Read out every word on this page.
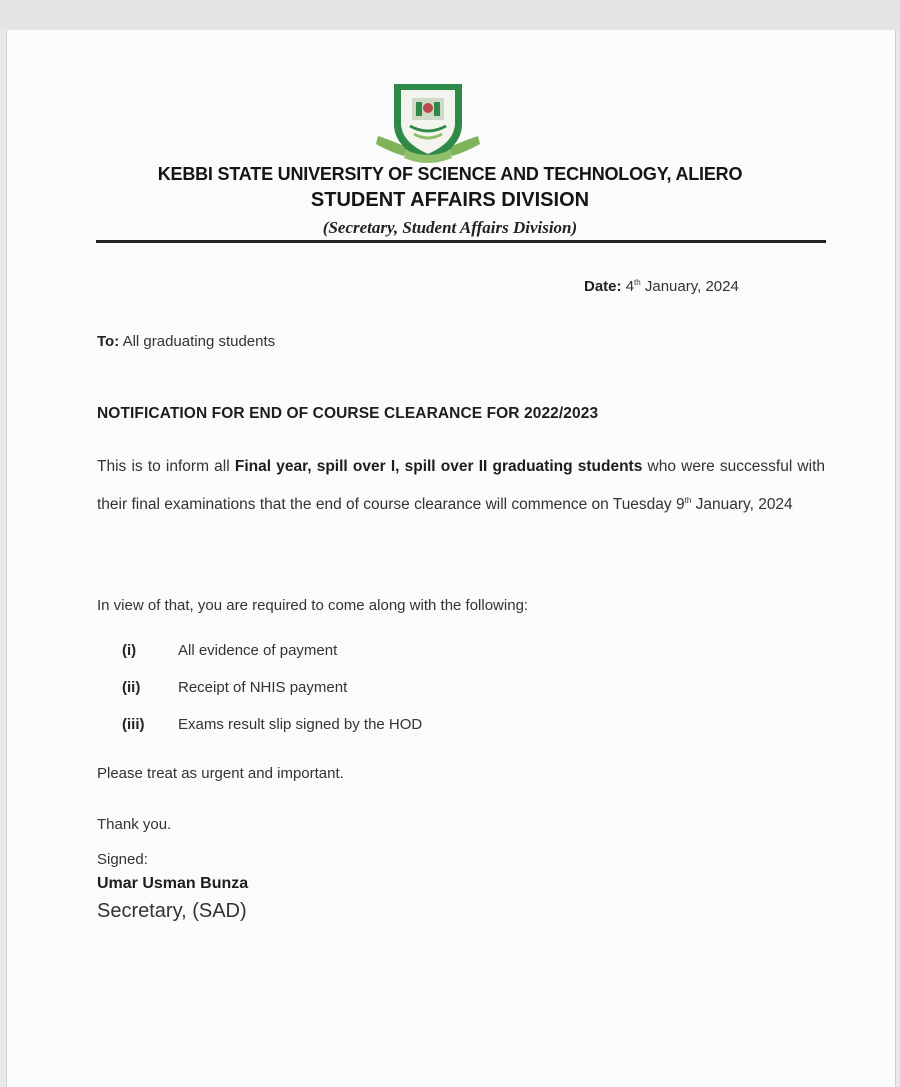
KEBBI STATE UNIVERSITY OF SCIENCE AND TECHNOLOGY, ALIERO
STUDENT AFFAIRS DIVISION
(Secretary, Student Affairs Division)
Date: 4th January, 2024
To: All graduating students
NOTIFICATION FOR END OF COURSE CLEARANCE FOR 2022/2023
This is to inform all Final year, spill over I, spill over II graduating students who were successful with their final examinations that the end of course clearance will commence on Tuesday 9th January, 2024
In view of that, you are required to come along with the following:
(i)	All evidence of payment
(ii)	Receipt of NHIS payment
(iii)	Exams result slip signed by the HOD
Please treat as urgent and important.
Thank you.
Signed:
Umar Usman Bunza
Secretary, (SAD)
